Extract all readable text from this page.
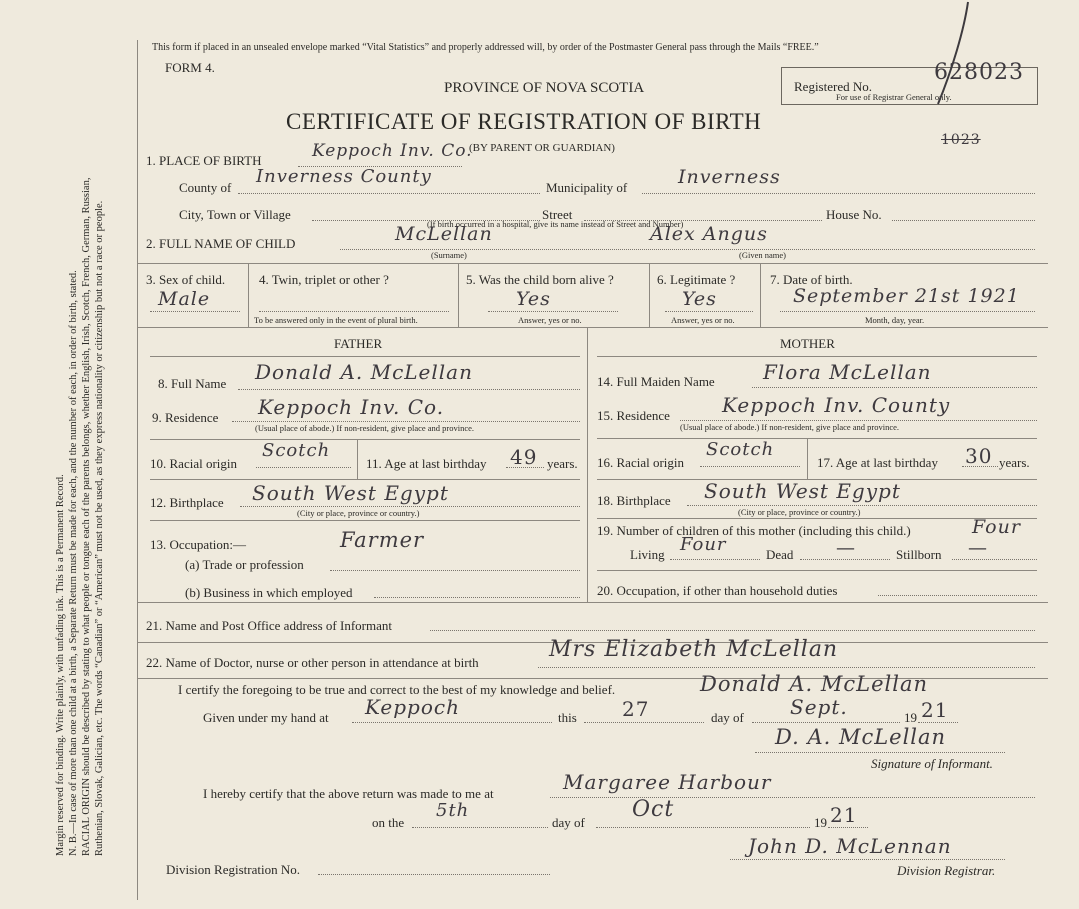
Margin reserved for binding. Write plainly, with unfading ink. This is a Permanent Record. N. B.—In case of more than one child at a birth, a Separate Return must be made for each, and the number of each, in order of birth, stated. RACIAL ORIGIN should be described by stating to what people or tongue each of the parents belongs, whether English, Irish, Scotch, French, German, Russian, Ruthenian, Slovak, Galician, etc. The words “Canadian” or “American” must not be used, as they express nationality or citizenship but not a race or people.
This form if placed in an unsealed envelope marked “Vital Statistics” and properly addressed will, by order of the Postmaster General pass through the Mails “FREE.”
FORM 4.
PROVINCE OF NOVA SCOTIA
CERTIFICATE OF REGISTRATION OF BIRTH
(BY PARENT OR GUARDIAN)
Registered No.
For use of Registrar General only.
628023
1023
1. PLACE OF BIRTH	Keppoch Inv. Co.
County of
Inverness County
Municipality of	Inverness
City, Town or Village	Street	House No.
(If birth occurred in a hospital, give its name instead of Street and Number)
2. FULL NAME OF CHILD	McLellan	Alex Angus
(Surname)	(Given name)
3. Sex of child.
Male
4. Twin, triplet or other ?
To be answered only in the event of plural birth.
5. Was the child born alive ?
Yes
Answer, yes or no.
6. Legitimate ?
Yes
Answer, yes or no.
7. Date of birth.
September 21st 1921
Month, day, year.
FATHER	MOTHER
8. Full Name Donald A. McLellan
9. Residence Keppoch Inv. Co.
(Usual place of abode.) If non-resident, give place and province.
10. Racial origin
Scotch
11. Age at last birthday 49 years.
12. Birthplace South West Egypt
(City or place, province or country.)
13. Occupation:—	Farmer
(a) Trade or profession
(b) Business in which employed
14. Full Maiden Name Flora McLellan
15. Residence	Keppoch Inv. County
(Usual place of abode.) If non-resident, give place and province.
16. Racial origin
Scotch
17. Age at last birthday 30 years.
18. Birthplace South West Egypt
(City or place, province or country.)
19. Number of children of this mother (including this child.)	Four
Living Four	Dead —	Stillborn —
20. Occupation, if other than household duties
21. Name and Post Office address of Informant
22. Name of Doctor, nurse or other person in attendance at birth
Mrs Elizabeth McLellan
I certify the foregoing to be true and correct to the best of my knowledge and belief.	Donald A. McLellan
Given under my hand at Keppoch	this 27	day of Sept.	19 21
D. A. McLellan
Signature of Informant.
I hereby certify that the above return was made to me at	Margaree Harbour
on the
5th
day of
Oct
19 21
John D. McLennan
Division Registrar.
Division Registration No.
